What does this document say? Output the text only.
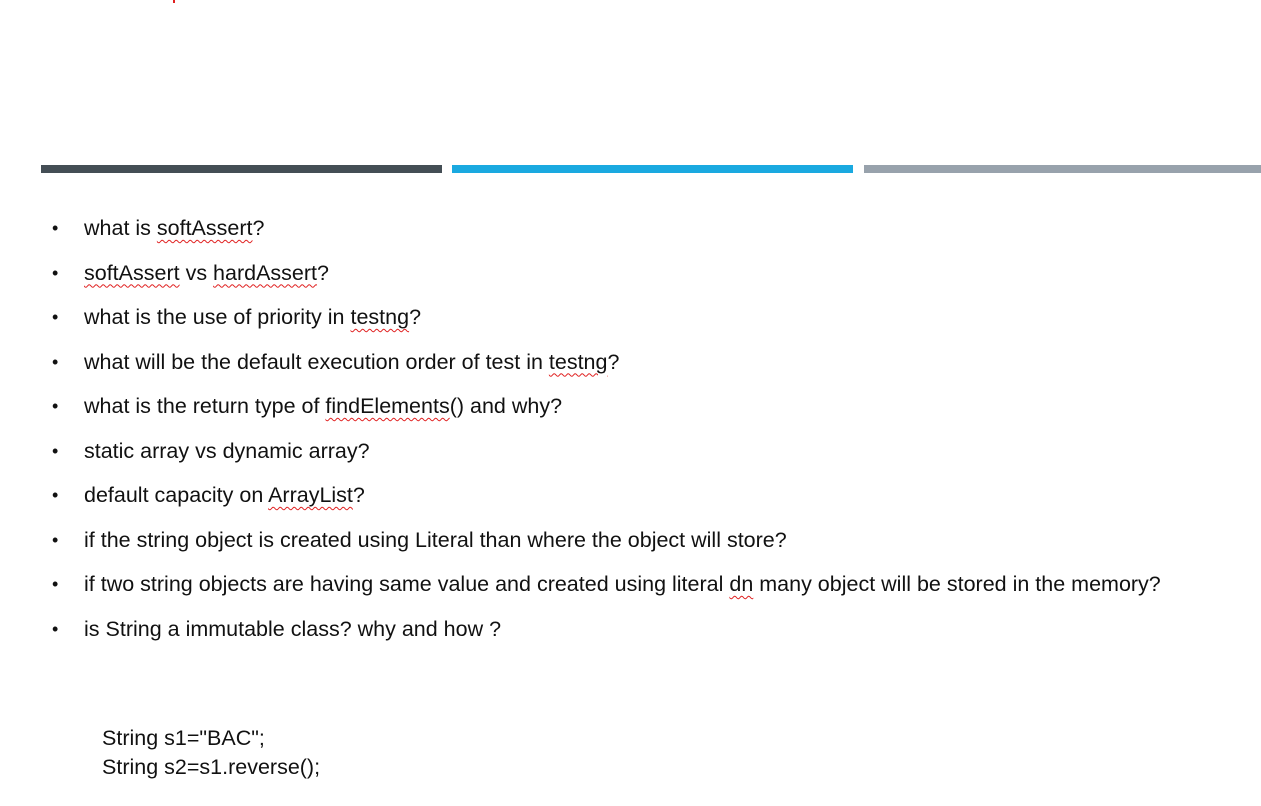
• what is softAssert?
• softAssert vs hardAssert?
• what is the use of priority in testng?
• what will be the default execution order of test in testng?
• what is the return type of findElements() and why?
• static array vs dynamic array?
• default capacity on ArrayList?
• if the string object is created using Literal than where the object will store?
• if two string objects are having same value and created using literal dn many object will be stored in the memory?
• is String a immutable class? why and how ?
String s1="BAC";
String s2=s1.reverse();
